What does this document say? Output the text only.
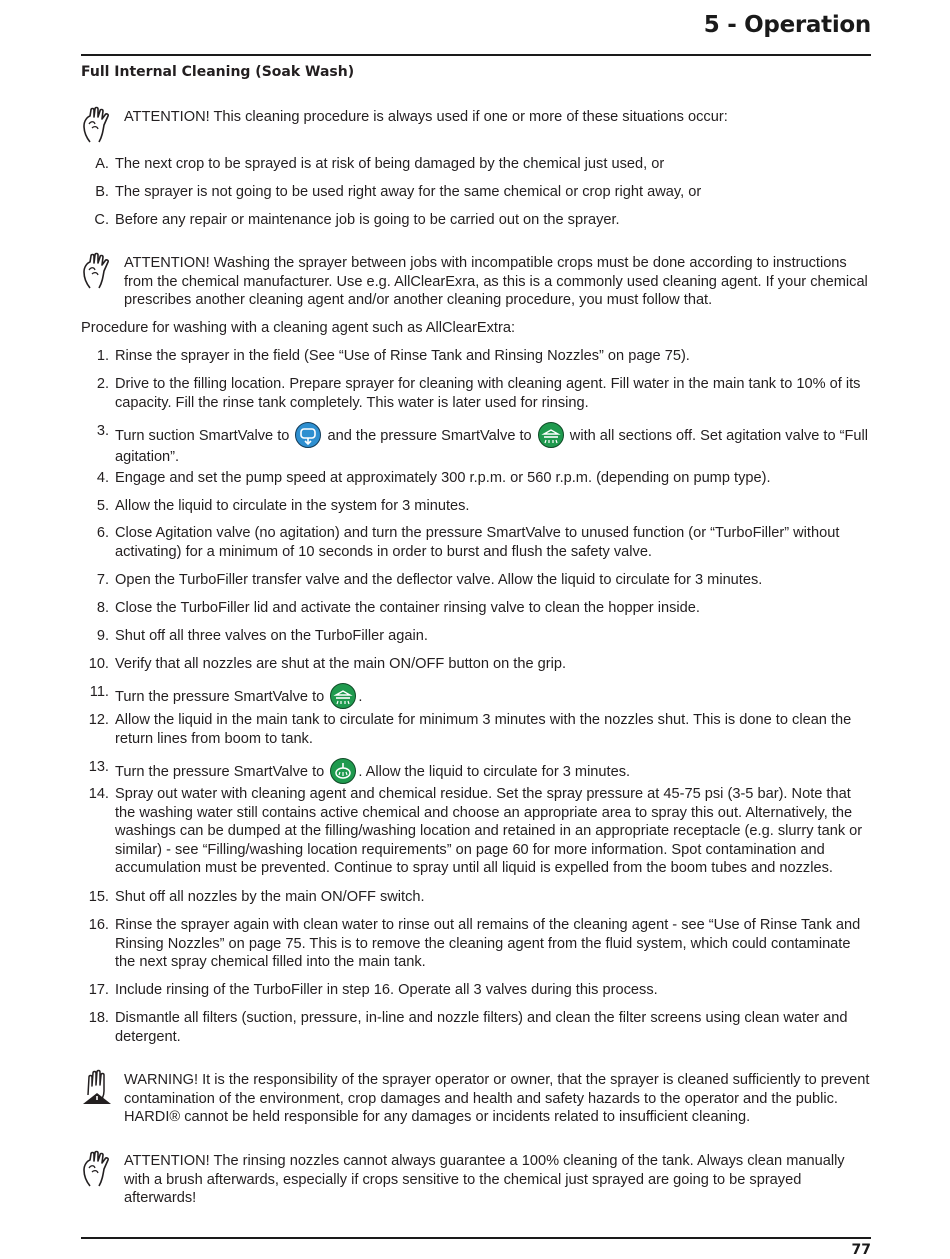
5 - Operation
Full Internal Cleaning (Soak Wash)
ATTENTION! This cleaning procedure is always used if one or more of these situations occur:
A. The next crop to be sprayed is at risk of being damaged by the chemical just used, or
B. The sprayer is not going to be used right away for the same chemical or crop right away, or
C. Before any repair or maintenance job is going to be carried out on the sprayer.
ATTENTION! Washing the sprayer between jobs with incompatible crops must be done according to instructions from the chemical manufacturer. Use e.g. AllClearExra, as this is a commonly used cleaning agent. If your chemical prescribes another cleaning agent and/or another cleaning procedure, you must follow that.
Procedure for washing with a cleaning agent such as AllClearExtra:
1. Rinse the sprayer in the field (See “Use of Rinse Tank and Rinsing Nozzles” on page 75).
2. Drive to the filling location. Prepare sprayer for cleaning with cleaning agent. Fill water in the main tank to 10% of its capacity. Fill the rinse tank completely. This water is later used for rinsing.
3. Turn suction SmartValve to	and the pressure SmartValve to	with all sections off. Set agitation valve to “Full agitation”.
4. Engage and set the pump speed at approximately 300 r.p.m. or 560 r.p.m. (depending on pump type).
5. Allow the liquid to circulate in the system for 3 minutes.
6. Close Agitation valve (no agitation) and turn the pressure SmartValve to unused function (or “TurboFiller” without activating) for a minimum of 10 seconds in order to burst and flush the safety valve.
7. Open the TurboFiller transfer valve and the deflector valve. Allow the liquid to circulate for 3 minutes.
8. Close the TurboFiller lid and activate the container rinsing valve to clean the hopper inside.
9. Shut off all three valves on the TurboFiller again.
10. Verify that all nozzles are shut at the main ON/OFF button on the grip.
11. Turn the pressure SmartValve to .
12. Allow the liquid in the main tank to circulate for minimum 3 minutes with the nozzles shut. This is done to clean the return lines from boom to tank.
13. Turn the pressure SmartValve to . Allow the liquid to circulate for 3 minutes.
14. Spray out water with cleaning agent and chemical residue. Set the spray pressure at 45-75 psi (3-5 bar). Note that the washing water still contains active chemical and choose an appropriate area to spray this out. Alternatively, the washings can be dumped at the filling/washing location and retained in an appropriate receptacle (e.g. slurry tank or similar) - see “Filling/washing location requirements” on page 60 for more information. Spot contamination and accumulation must be prevented. Continue to spray until all liquid is expelled from the boom tubes and nozzles.
15. Shut off all nozzles by the main ON/OFF switch.
16. Rinse the sprayer again with clean water to rinse out all remains of the cleaning agent - see “Use of Rinse Tank and Rinsing Nozzles” on page 75. This is to remove the cleaning agent from the fluid system, which could contaminate the next spray chemical filled into the main tank.
17. Include rinsing of the TurboFiller in step 16. Operate all 3 valves during this process.
18. Dismantle all filters (suction, pressure, in-line and nozzle filters) and clean the filter screens using clean water and detergent.
WARNING! It is the responsibility of the sprayer operator or owner, that the sprayer is cleaned sufficiently to prevent contamination of the environment, crop damages and health and safety hazards to the operator and the public. HARDI® cannot be held responsible for any damages or incidents related to insufficient cleaning.
ATTENTION! The rinsing nozzles cannot always guarantee a 100% cleaning of the tank. Always clean manually with a brush afterwards, especially if crops sensitive to the chemical just sprayed are going to be sprayed afterwards!
77
